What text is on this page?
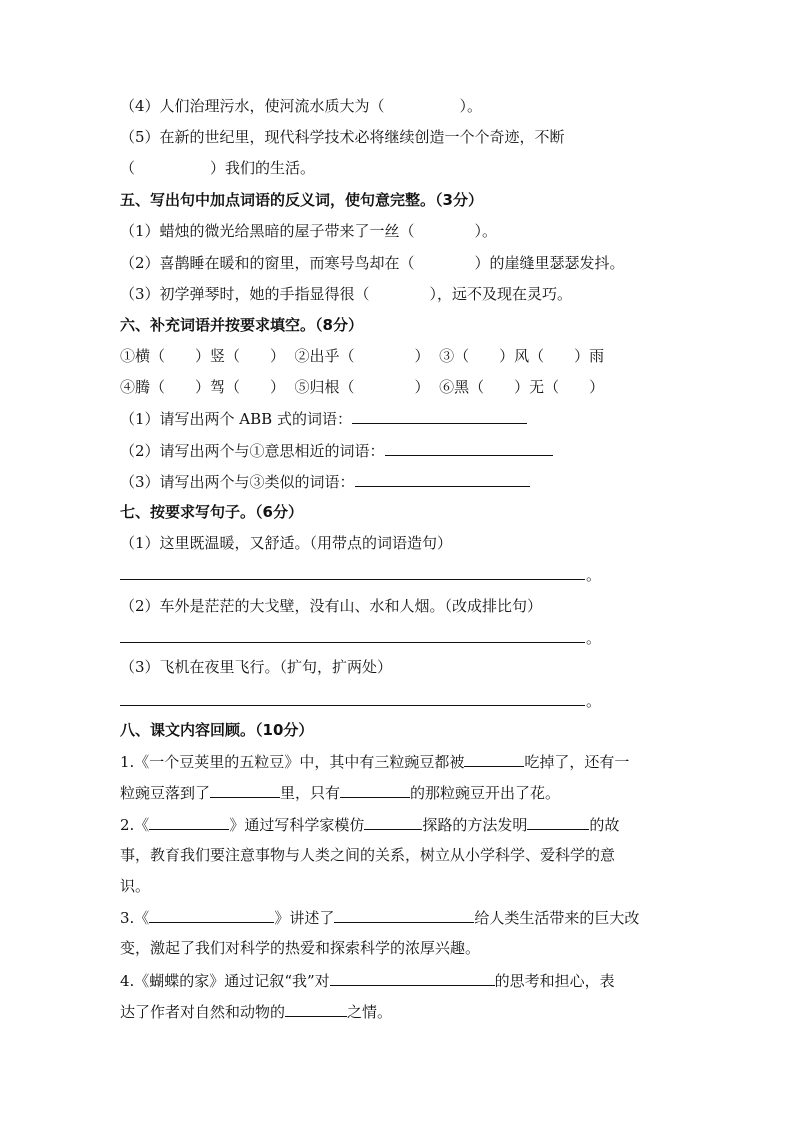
（4）人们治理污水，使河流水质大为（　　　　　）。
（5）在新的世纪里，现代科学技术必将继续创造一个个奇迹，不断
（　　　　　）我们的生活。
五、写出句中加点词语的反义词，使句意完整。（3分）
（1）蜡烛的微光给黑暗的屋子带来了一丝（　　　　）。
（2）喜鹊睡在暖和的窗里，而寒号鸟却在（　　　　）的崖缝里瑟瑟发抖。
（3）初学弹琴时，她的手指显得很（　　　　），远不及现在灵巧。
六、补充词语并按要求填空。（8分）
①横（　　）竖（　　）  ②出乎（　　　　）  ③（　　）风（　　）雨
④腾（　　）驾（　　）  ⑤归根（　　　　）  ⑥黑（　　）无（　　）
（1）请写出两个 ABB 式的词语：
（2）请写出两个与①意思相近的词语：
（3）请写出两个与③类似的词语：
七、按要求写句子。（6分）
（1）这里既温暖，又舒适。（用带点的词语造句）
。
（2）车外是茫茫的大戈壁，没有山、水和人烟。（改成排比句）
。
（3）飞机在夜里飞行。（扩句，扩两处）
。
八、课文内容回顾。（10分）
1.《一个豆荚里的五粒豆》中，其中有三粒豌豆都被	吃掉了，还有一
粒豌豆落到了	里，只有	的那粒豌豆开出了花。
2.《	》通过写科学家模仿	探路的方法发明	的故
事，教育我们要注意事物与人类之间的关系，树立从小学科学、爱科学的意
识。
3.《	》讲述了	给人类生活带来的巨大改
变，激起了我们对科学的热爱和探索科学的浓厚兴趣。
4.《蝴蝶的家》通过记叙“我”对	的思考和担心，表
达了作者对自然和动物的	之情。
